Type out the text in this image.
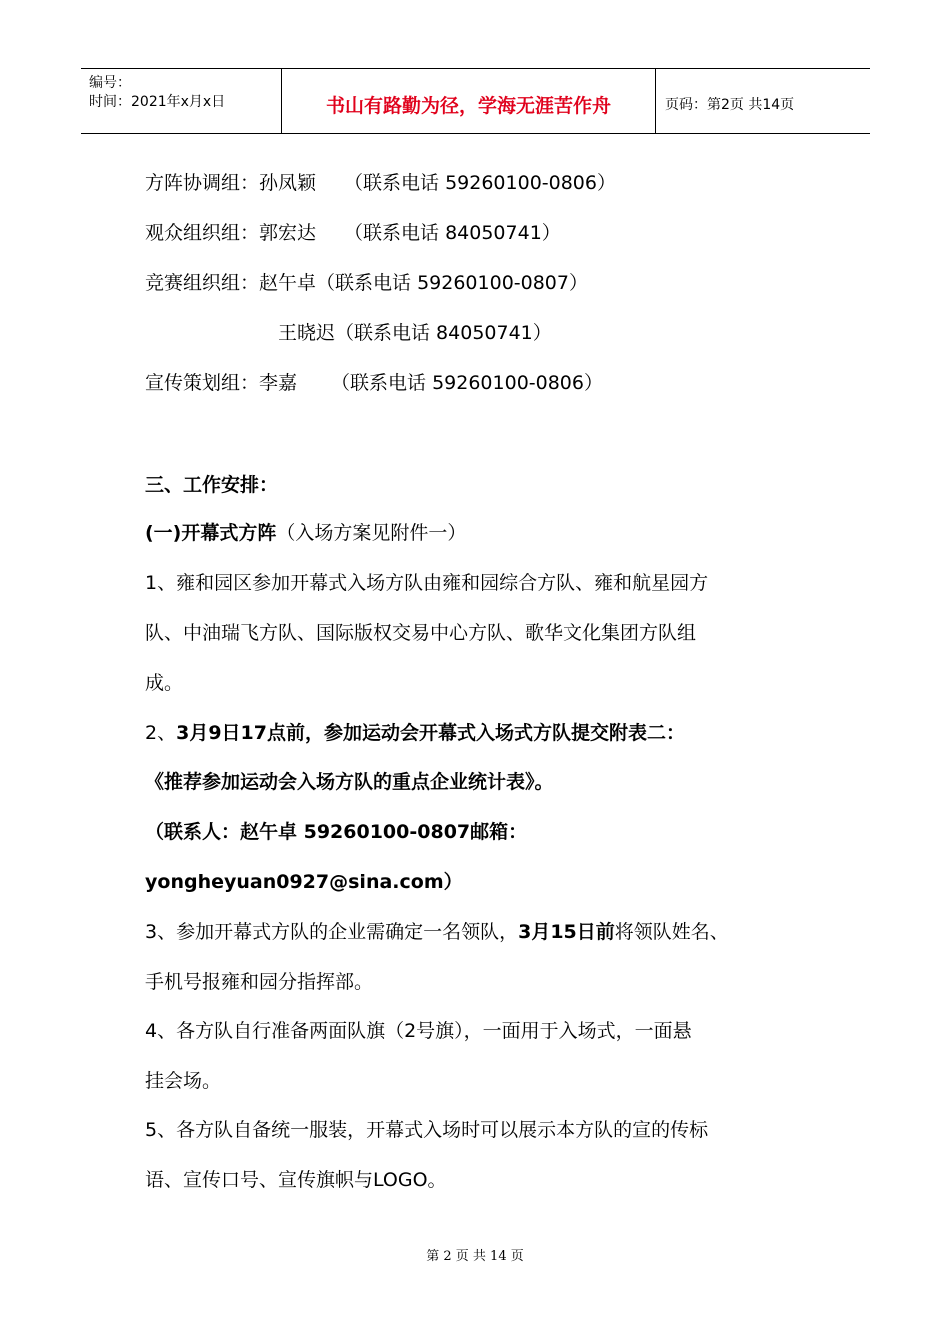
编号：
时间：2021年x月x日	书山有路勤为径，学海无涯苦作舟	页码：第2页 共14页
方阵协调组：孙凤颖 （联系电话 59260100-0806）
观众组织组：郭宏达 （联系电话 84050741）
竞赛组织组：赵午卓（联系电话 59260100-0807）
王晓迟（联系电话 84050741）
宣传策划组：李嘉 （联系电话 59260100-0806）
三、工作安排：
(一)开幕式方阵（入场方案见附件一）
1、雍和园区参加开幕式入场方队由雍和园综合方队、雍和航星园方
队、中油瑞飞方队、国际版权交易中心方队、歌华文化集团方队组
成。
2、3月9日17点前，参加运动会开幕式入场式方队提交附表二：
《推荐参加运动会入场方队的重点企业统计表》。
（联系人：赵午卓 59260100-0807邮箱：
yongheyuan0927@sina.com）
3、参加开幕式方队的企业需确定一名领队，3月15日前将领队姓名、
手机号报雍和园分指挥部。
4、各方队自行准备两面队旗（2号旗），一面用于入场式，一面悬
挂会场。
5、各方队自备统一服装，开幕式入场时可以展示本方队的宣的传标
语、宣传口号、宣传旗帜与LOGO。
第 2 页 共 14 页
